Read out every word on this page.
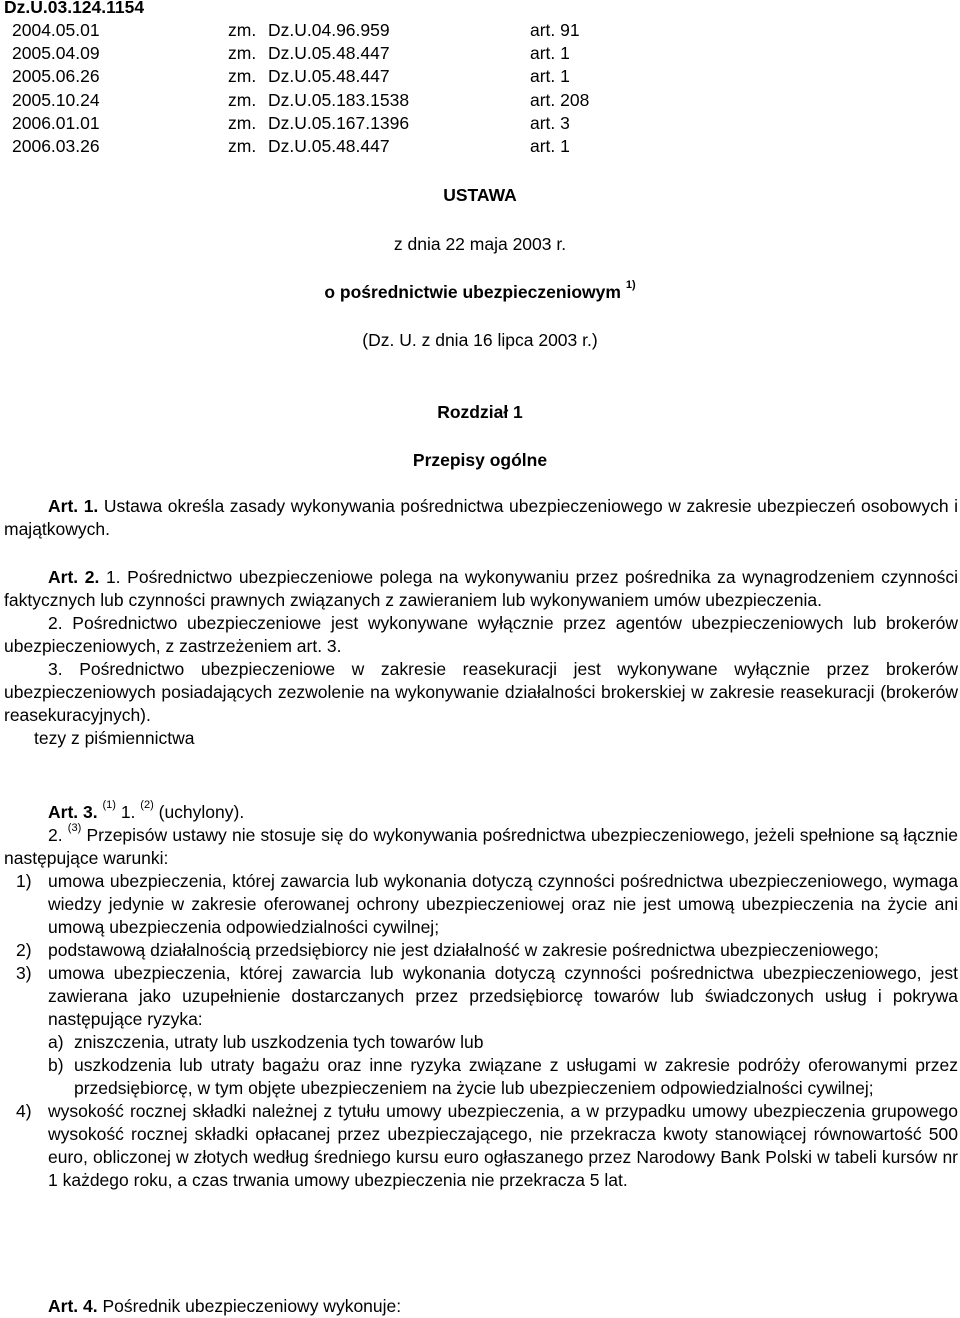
Dz.U.03.124.1154
2004.05.01	zm. Dz.U.04.96.959	art. 91
2005.04.09	zm. Dz.U.05.48.447	art. 1
2005.06.26	zm. Dz.U.05.48.447	art. 1
2005.10.24	zm. Dz.U.05.183.1538	art. 208
2006.01.01	zm. Dz.U.05.167.1396	art. 3
2006.03.26	zm. Dz.U.05.48.447	art. 1
USTAWA
z dnia 22 maja 2003 r.
o pośrednictwie ubezpieczeniowym $^{1)}$
(Dz. U. z dnia 16 lipca 2003 r.)
Rozdział 1
Przepisy ogólne
Art. 1. Ustawa określa zasady wykonywania pośrednictwa ubezpieczeniowego w zakresie ubezpieczeń osobowych i majątkowych.
Art. 2. 1. Pośrednictwo ubezpieczeniowe polega na wykonywaniu przez pośrednika za wynagrodzeniem czynności faktycznych lub czynności prawnych związanych z zawieraniem lub wykonywaniem umów ubezpieczenia.
2. Pośrednictwo ubezpieczeniowe jest wykonywane wyłącznie przez agentów ubezpieczeniowych lub brokerów ubezpieczeniowych, z zastrzeżeniem art. 3.
3. Pośrednictwo ubezpieczeniowe w zakresie reasekuracji jest wykonywane wyłącznie przez brokerów ubezpieczeniowych posiadających zezwolenie na wykonywanie działalności brokerskiej w zakresie reasekuracji (brokerów reasekuracyjnych).
tezy z piśmiennictwa
Art. 3. $^{(1)}$ 1. $^{(2)}$ (uchylony).
2. $^{(3)}$ Przepisów ustawy nie stosuje się do wykonywania pośrednictwa ubezpieczeniowego, jeżeli spełnione są łącznie następujące warunki:
1) umowa ubezpieczenia, której zawarcia lub wykonania dotyczą czynności pośrednictwa ubezpieczeniowego, wymaga wiedzy jedynie w zakresie oferowanej ochrony ubezpieczeniowej oraz nie jest umową ubezpieczenia na życie ani umową ubezpieczenia odpowiedzialności cywilnej;
2) podstawową działalnością przedsiębiorcy nie jest działalność w zakresie pośrednictwa ubezpieczeniowego;
3) umowa ubezpieczenia, której zawarcia lub wykonania dotyczą czynności pośrednictwa ubezpieczeniowego, jest zawierana jako uzupełnienie dostarczanych przez przedsiębiorcę towarów lub świadczonych usług i pokrywa następujące ryzyka:
a) zniszczenia, utraty lub uszkodzenia tych towarów lub
b) uszkodzenia lub utraty bagażu oraz inne ryzyka związane z usługami w zakresie podróży oferowanymi przez przedsiębiorcę, w tym objęte ubezpieczeniem na życie lub ubezpieczeniem odpowiedzialności cywilnej;
4) wysokość rocznej składki należnej z tytułu umowy ubezpieczenia, a w przypadku umowy ubezpieczenia grupowego wysokość rocznej składki opłacanej przez ubezpieczającego, nie przekracza kwoty stanowiącej równowartość 500 euro, obliczonej w złotych według średniego kursu euro ogłaszanego przez Narodowy Bank Polski w tabeli kursów nr 1 każdego roku, a czas trwania umowy ubezpieczenia nie przekracza 5 lat.
Art. 4. Pośrednik ubezpieczeniowy wykonuje:
